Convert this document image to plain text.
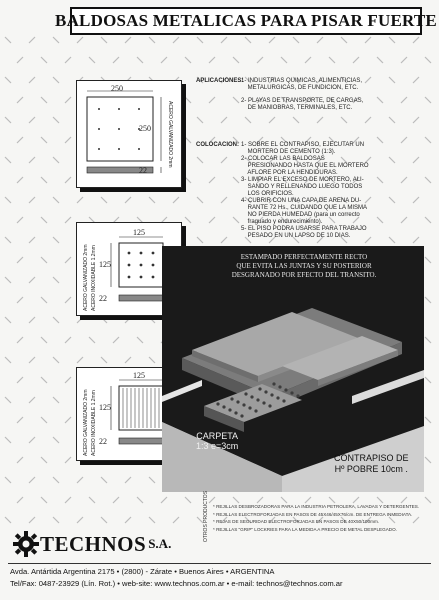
BALDOSAS METALICAS PARA PISAR FUERTE
250
250
22
ACERO GALVANIZADO 2mm
125
125
22
ACERO GALVANIZADO 2mm ACERO INOXIDABLE 1.2mm
125
125
22
ACERO GALVANIZADO 2mm ACERO INOXIDABLE 1.2mm
APLICACIONES:
1- INDUSTRIAS QUIMICAS, ALIMENTICIAS,
METALURGICAS, DE FUNDICION, ETC.
2- PLAYAS DE TRANSPORTE, DE CARGAS,
DE MANIOBRAS, TERMINALES, ETC.
COLOCACION: 1- SOBRE EL CONTRAPISO, EJECUTAR UN
MORTERO DE CEMENTO (1:3).
2- COLOCAR LAS BALDOSAS
PRESIONANDO HASTA QUE EL MORTERO
AFLORE POR LA HENDIDURAS.
3- LIMPIAR EL EXCESO DE MORTERO, ALI-
SANDO Y RELLENANDO LUEGO TODOS
LOS ORIFICIOS.
4- CUBRIR CON UNA CAPA DE ARENA DU-
RANTE 72 Hs., CUIDANDO QUE LA MISMA
NO PIERDA HUMEDAD (para un correcto
fraguado y endurecimiento).
5- EL PISO PODRA USARSE PARA TRABAJO
PESADO EN UN LAPSO DE 10 DIAS.
ESTAMPADO PERFECTAMENTE RECTO
QUE EVITA LAS JUNTAS Y SU POSTERIOR
DESGRANADO POR EFECTO DEL TRANSITO.
CARPETA
1:3 e=3cm
CONTRAPISO DE
Hº POBRE 10cm .
OTROS PRODUCTOS * REJILLAS DESBROZADORAS PARA LA INDUSTRIA PETROLERA, LAVADAS Y DETERGENTES.
* REJILLAS ELECTROFORJADAS EN PASOS DE 45X46/45X76/cm. DE ENTREGA INMEDIATA.
* REJAS DE SEGURIDAD ELECTROFORJADAS EN PASOS DE 40X50/100mm.
* REJILLAS "GRIP" LOCKRIES PARA LA MEDIDA A PRECIO DE METAL DESPLEGADO.
TECHNOS S.A.
Avda. Antártida Argentina 2175 • (2800) - Zárate • Buenos Aires • ARGENTINA
Tel/Fax: 0487-23929 (Lín. Rot.) • web-site: www.technos.com.ar • e-mail: technos@technos.com.ar
